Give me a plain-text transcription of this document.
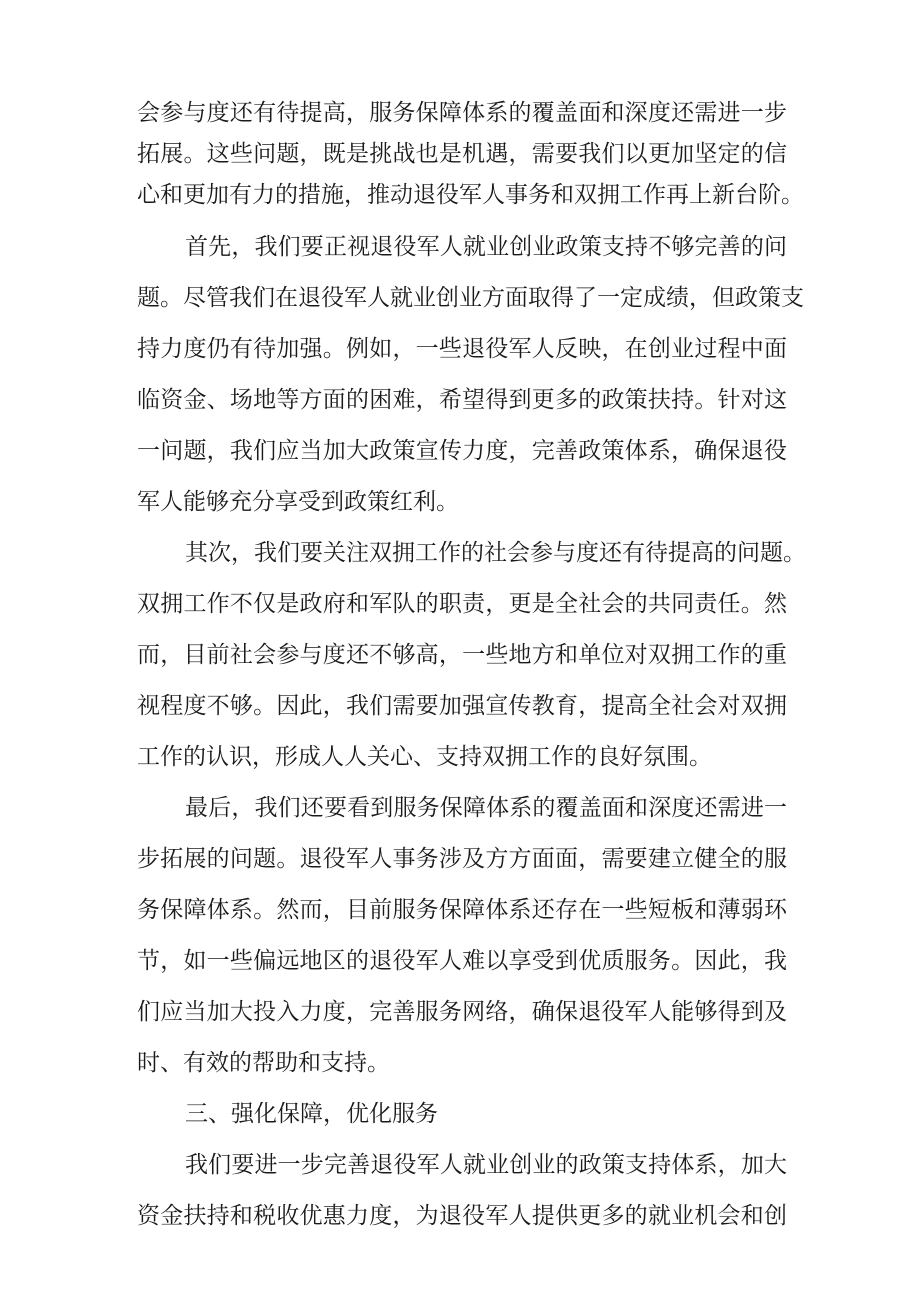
会参与度还有待提高，服务保障体系的覆盖面和深度还需进一步
拓展。这些问题，既是挑战也是机遇，需要我们以更加坚定的信
心和更加有力的措施，推动退役军人事务和双拥工作再上新台阶。
首先，我们要正视退役军人就业创业政策支持不够完善的问
题。尽管我们在退役军人就业创业方面取得了一定成绩，但政策支
持力度仍有待加强。例如，一些退役军人反映，在创业过程中面
临资金、场地等方面的困难，希望得到更多的政策扶持。针对这
一问题，我们应当加大政策宣传力度，完善政策体系，确保退役
军人能够充分享受到政策红利。
其次，我们要关注双拥工作的社会参与度还有待提高的问题。
双拥工作不仅是政府和军队的职责，更是全社会的共同责任。然
而，目前社会参与度还不够高，一些地方和单位对双拥工作的重
视程度不够。因此，我们需要加强宣传教育，提高全社会对双拥
工作的认识，形成人人关心、支持双拥工作的良好氛围。
最后，我们还要看到服务保障体系的覆盖面和深度还需进一
步拓展的问题。退役军人事务涉及方方面面，需要建立健全的服
务保障体系。然而，目前服务保障体系还存在一些短板和薄弱环
节，如一些偏远地区的退役军人难以享受到优质服务。因此，我
们应当加大投入力度，完善服务网络，确保退役军人能够得到及
时、有效的帮助和支持。
三、强化保障，优化服务
我们要进一步完善退役军人就业创业的政策支持体系，加大
资金扶持和税收优惠力度，为退役军人提供更多的就业机会和创
